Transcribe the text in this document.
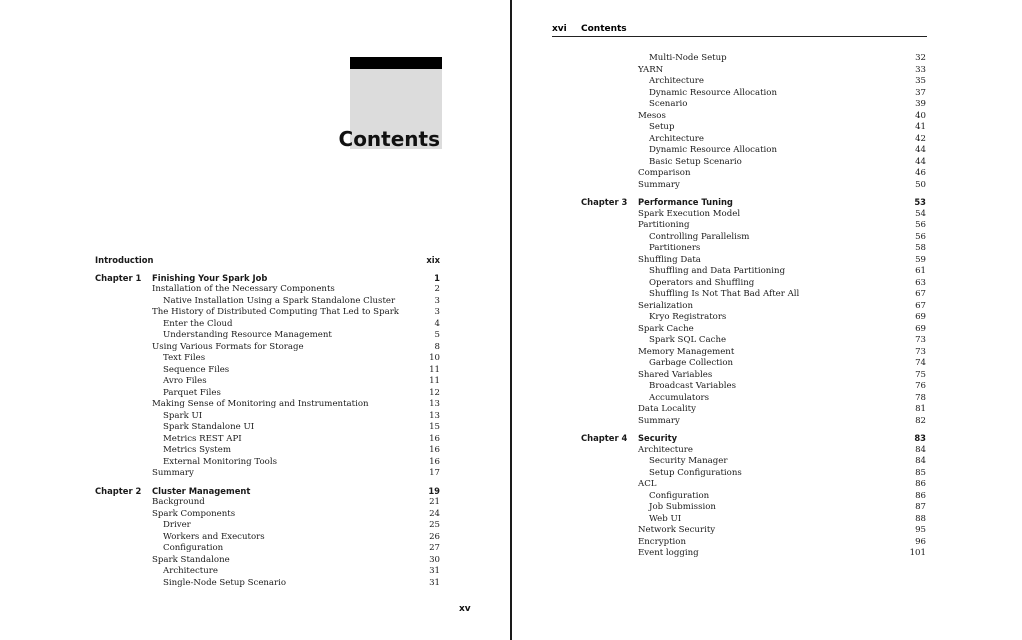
Contents
Introduction	xix
Chapter 1 Finishing Your Spark Job	1
Installation of the Necessary Components	2
Native Installation Using a Spark Standalone Cluster	3
The History of Distributed Computing That Led to Spark	3
Enter the Cloud	4
Understanding Resource Management	5
Using Various Formats for Storage	8
Text Files	10
Sequence Files	11
Avro Files	11
Parquet Files	12
Making Sense of Monitoring and Instrumentation	13
Spark UI	13
Spark Standalone UI	15
Metrics REST API	16
Metrics System	16
External Monitoring Tools	16
Summary	17
Chapter 2 Cluster Management	19
Background	21
Spark Components	24
Driver	25
Workers and Executors	26
Configuration	27
Spark Standalone	30
Architecture	31
Single-Node Setup Scenario	31
xv
xvi Contents
Multi-Node Setup	32
YARN	33
Architecture	35
Dynamic Resource Allocation	37
Scenario	39
Mesos	40
Setup	41
Architecture	42
Dynamic Resource Allocation	44
Basic Setup Scenario	44
Comparison	46
Summary	50
Chapter 3 Performance Tuning	53
Spark Execution Model	54
Partitioning	56
Controlling Parallelism	56
Partitioners	58
Shuffling Data	59
Shuffling and Data Partitioning	61
Operators and Shuffling	63
Shuffling Is Not That Bad After All	67
Serialization	67
Kryo Registrators	69
Spark Cache	69
Spark SQL Cache	73
Memory Management	73
Garbage Collection	74
Shared Variables	75
Broadcast Variables	76
Accumulators	78
Data Locality	81
Summary	82
Chapter 4 Security	83
Architecture	84
Security Manager	84
Setup Configurations	85
ACL	86
Configuration	86
Job Submission	87
Web UI	88
Network Security	95
Encryption	96
Event logging	101
